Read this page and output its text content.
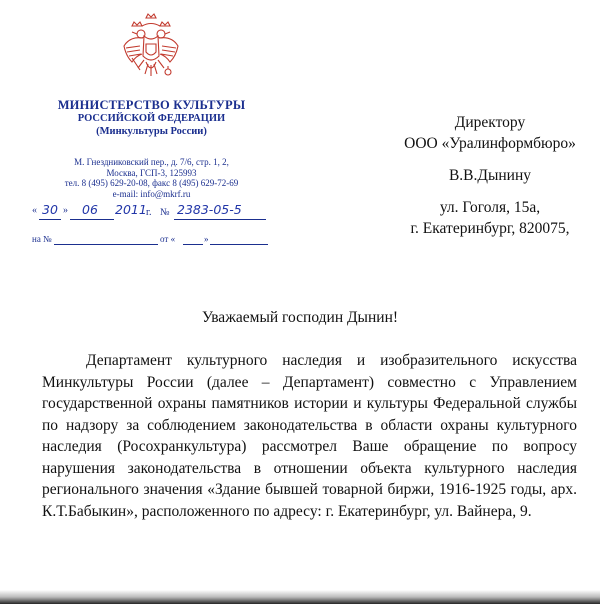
МИНИСТЕРСТВО КУЛЬТУРЫ
РОССИЙСКОЙ ФЕДЕРАЦИИ
(Минкультуры России)
М. Гнездниковский пер., д. 7/6, стр. 1, 2,
Москва, ГСП-3, 125993
тел. 8 (495) 629-20-08, факс 8 (495) 629-72-69
e-mail: info@mkrf.ru
« 30 » 06 2011 г. № 2383-05-5
на №	от «	»
Директору
ООО «Уралинформбюро»
В.В.Дынину
ул. Гоголя, 15а,
г. Екатеринбург, 820075,
Уважаемый господин Дынин!

Департамент культурного наследия и изобразительного искусства Минкультуры России (далее – Департамент) совместно с Управлением государственной охраны памятников истории и культуры Федеральной службы по надзору за соблюдением законодательства в области охраны культурного наследия (Росохранкультура) рассмотрел Ваше обращение по вопросу нарушения законодательства в отношении объекта культурного наследия регионального значения «Здание бывшей товарной биржи, 1916-1925 годы, арх. К.Т.Бабыкин», расположенного по адресу: г. Екатеринбург, ул. Вайнера, 9.
